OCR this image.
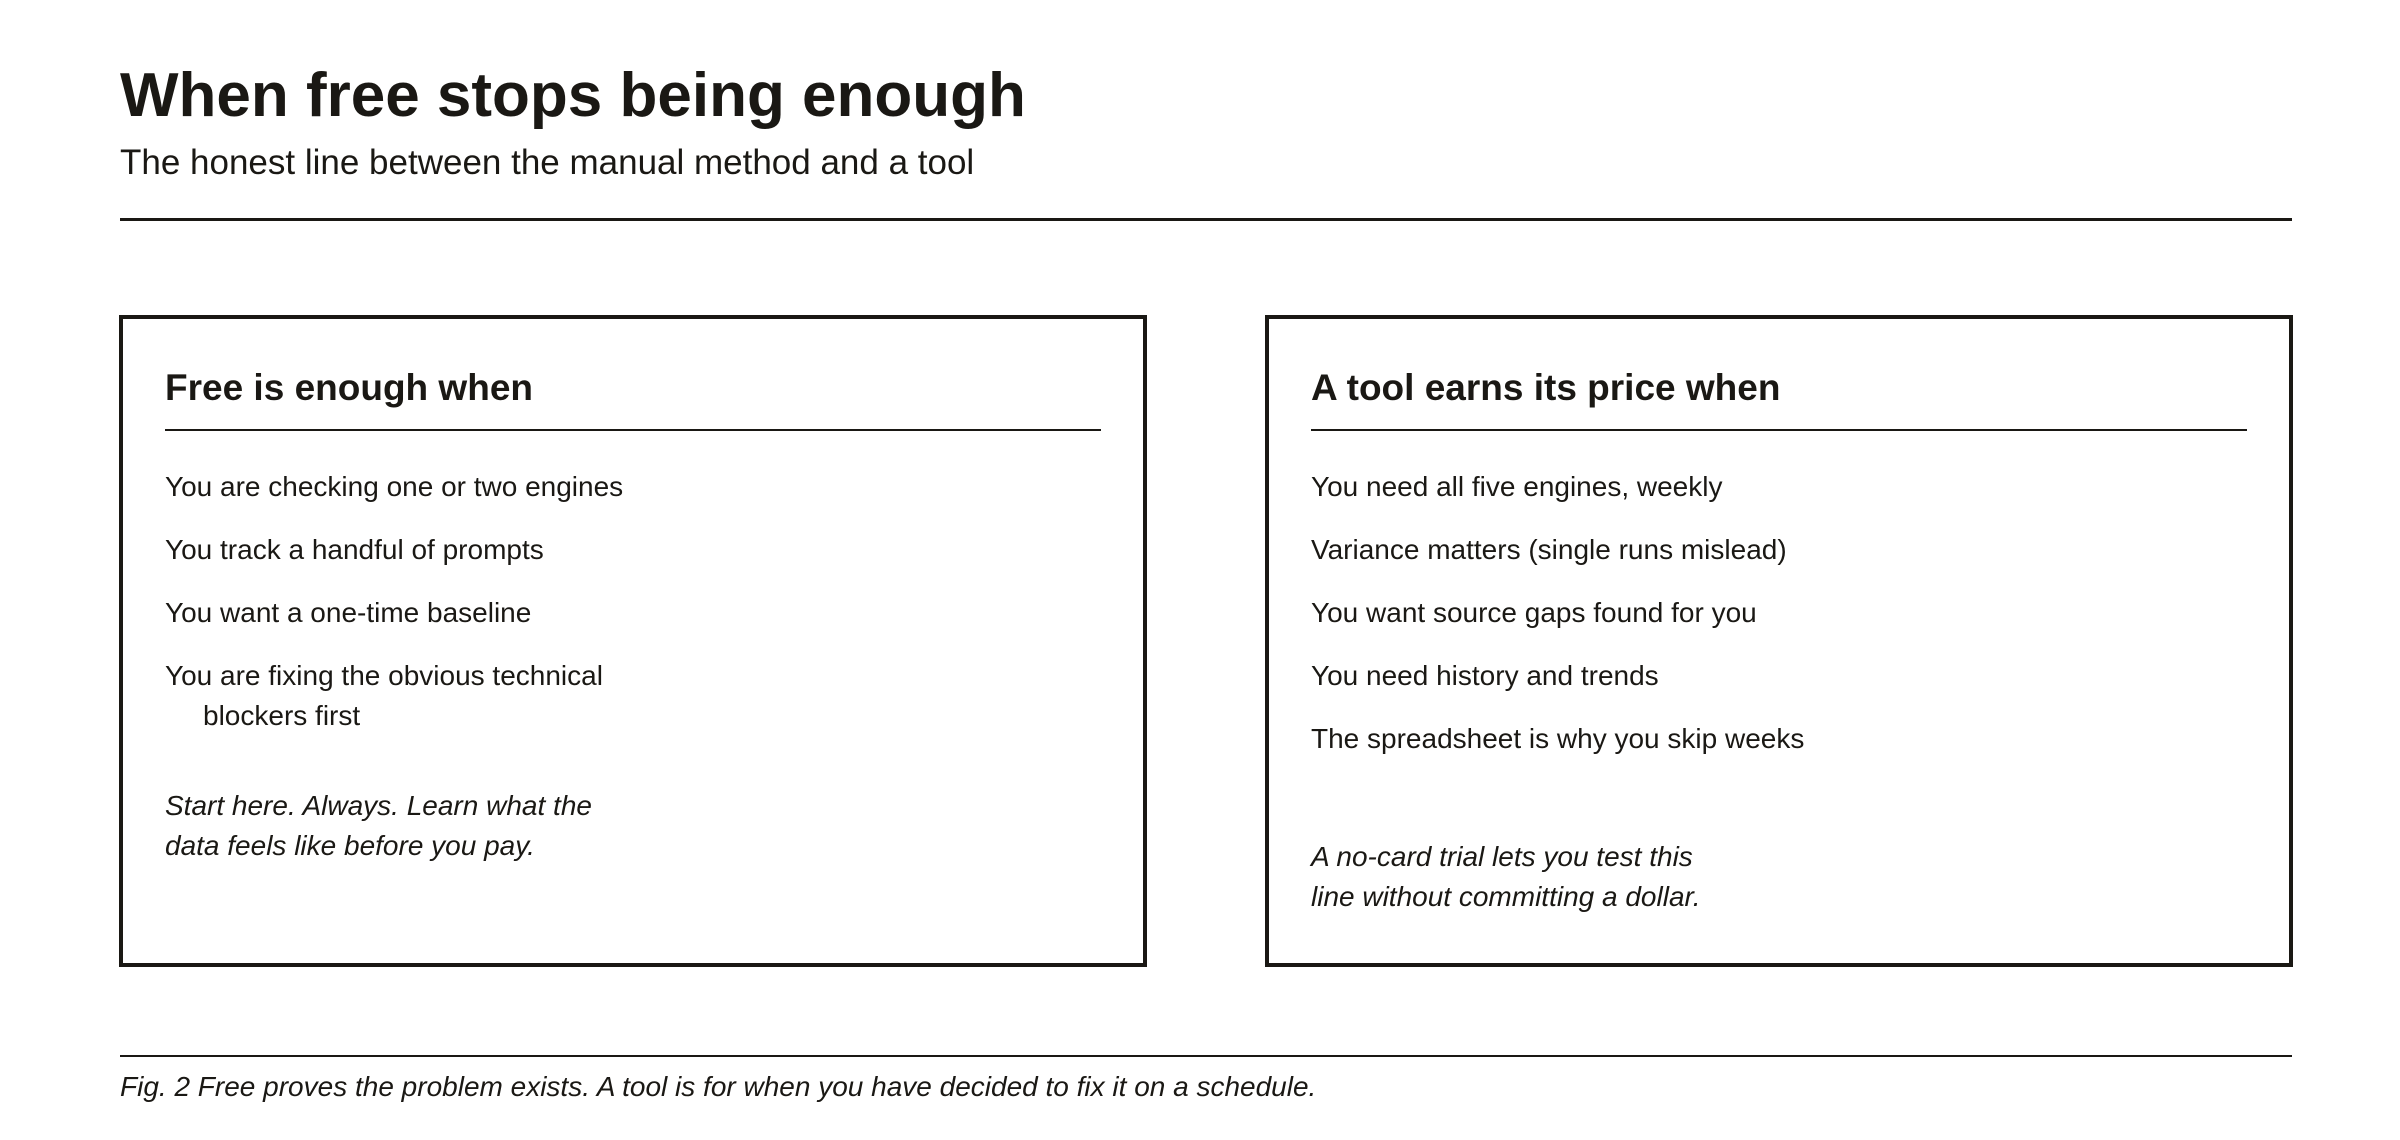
When free stops being enough

The honest line between the manual method and a tool

Free is enough when
You are checking one or two engines
You track a handful of prompts
You want a one-time baseline
You are fixing the obvious technical blockers first

Start here. Always. Learn what the data feels like before you pay.

A tool earns its price when
You need all five engines, weekly
Variance matters (single runs mislead)
You want source gaps found for you
You need history and trends
The spreadsheet is why you skip weeks

A no-card trial lets you test this line without committing a dollar.

Fig. 2 Free proves the problem exists. A tool is for when you have decided to fix it on a schedule.
